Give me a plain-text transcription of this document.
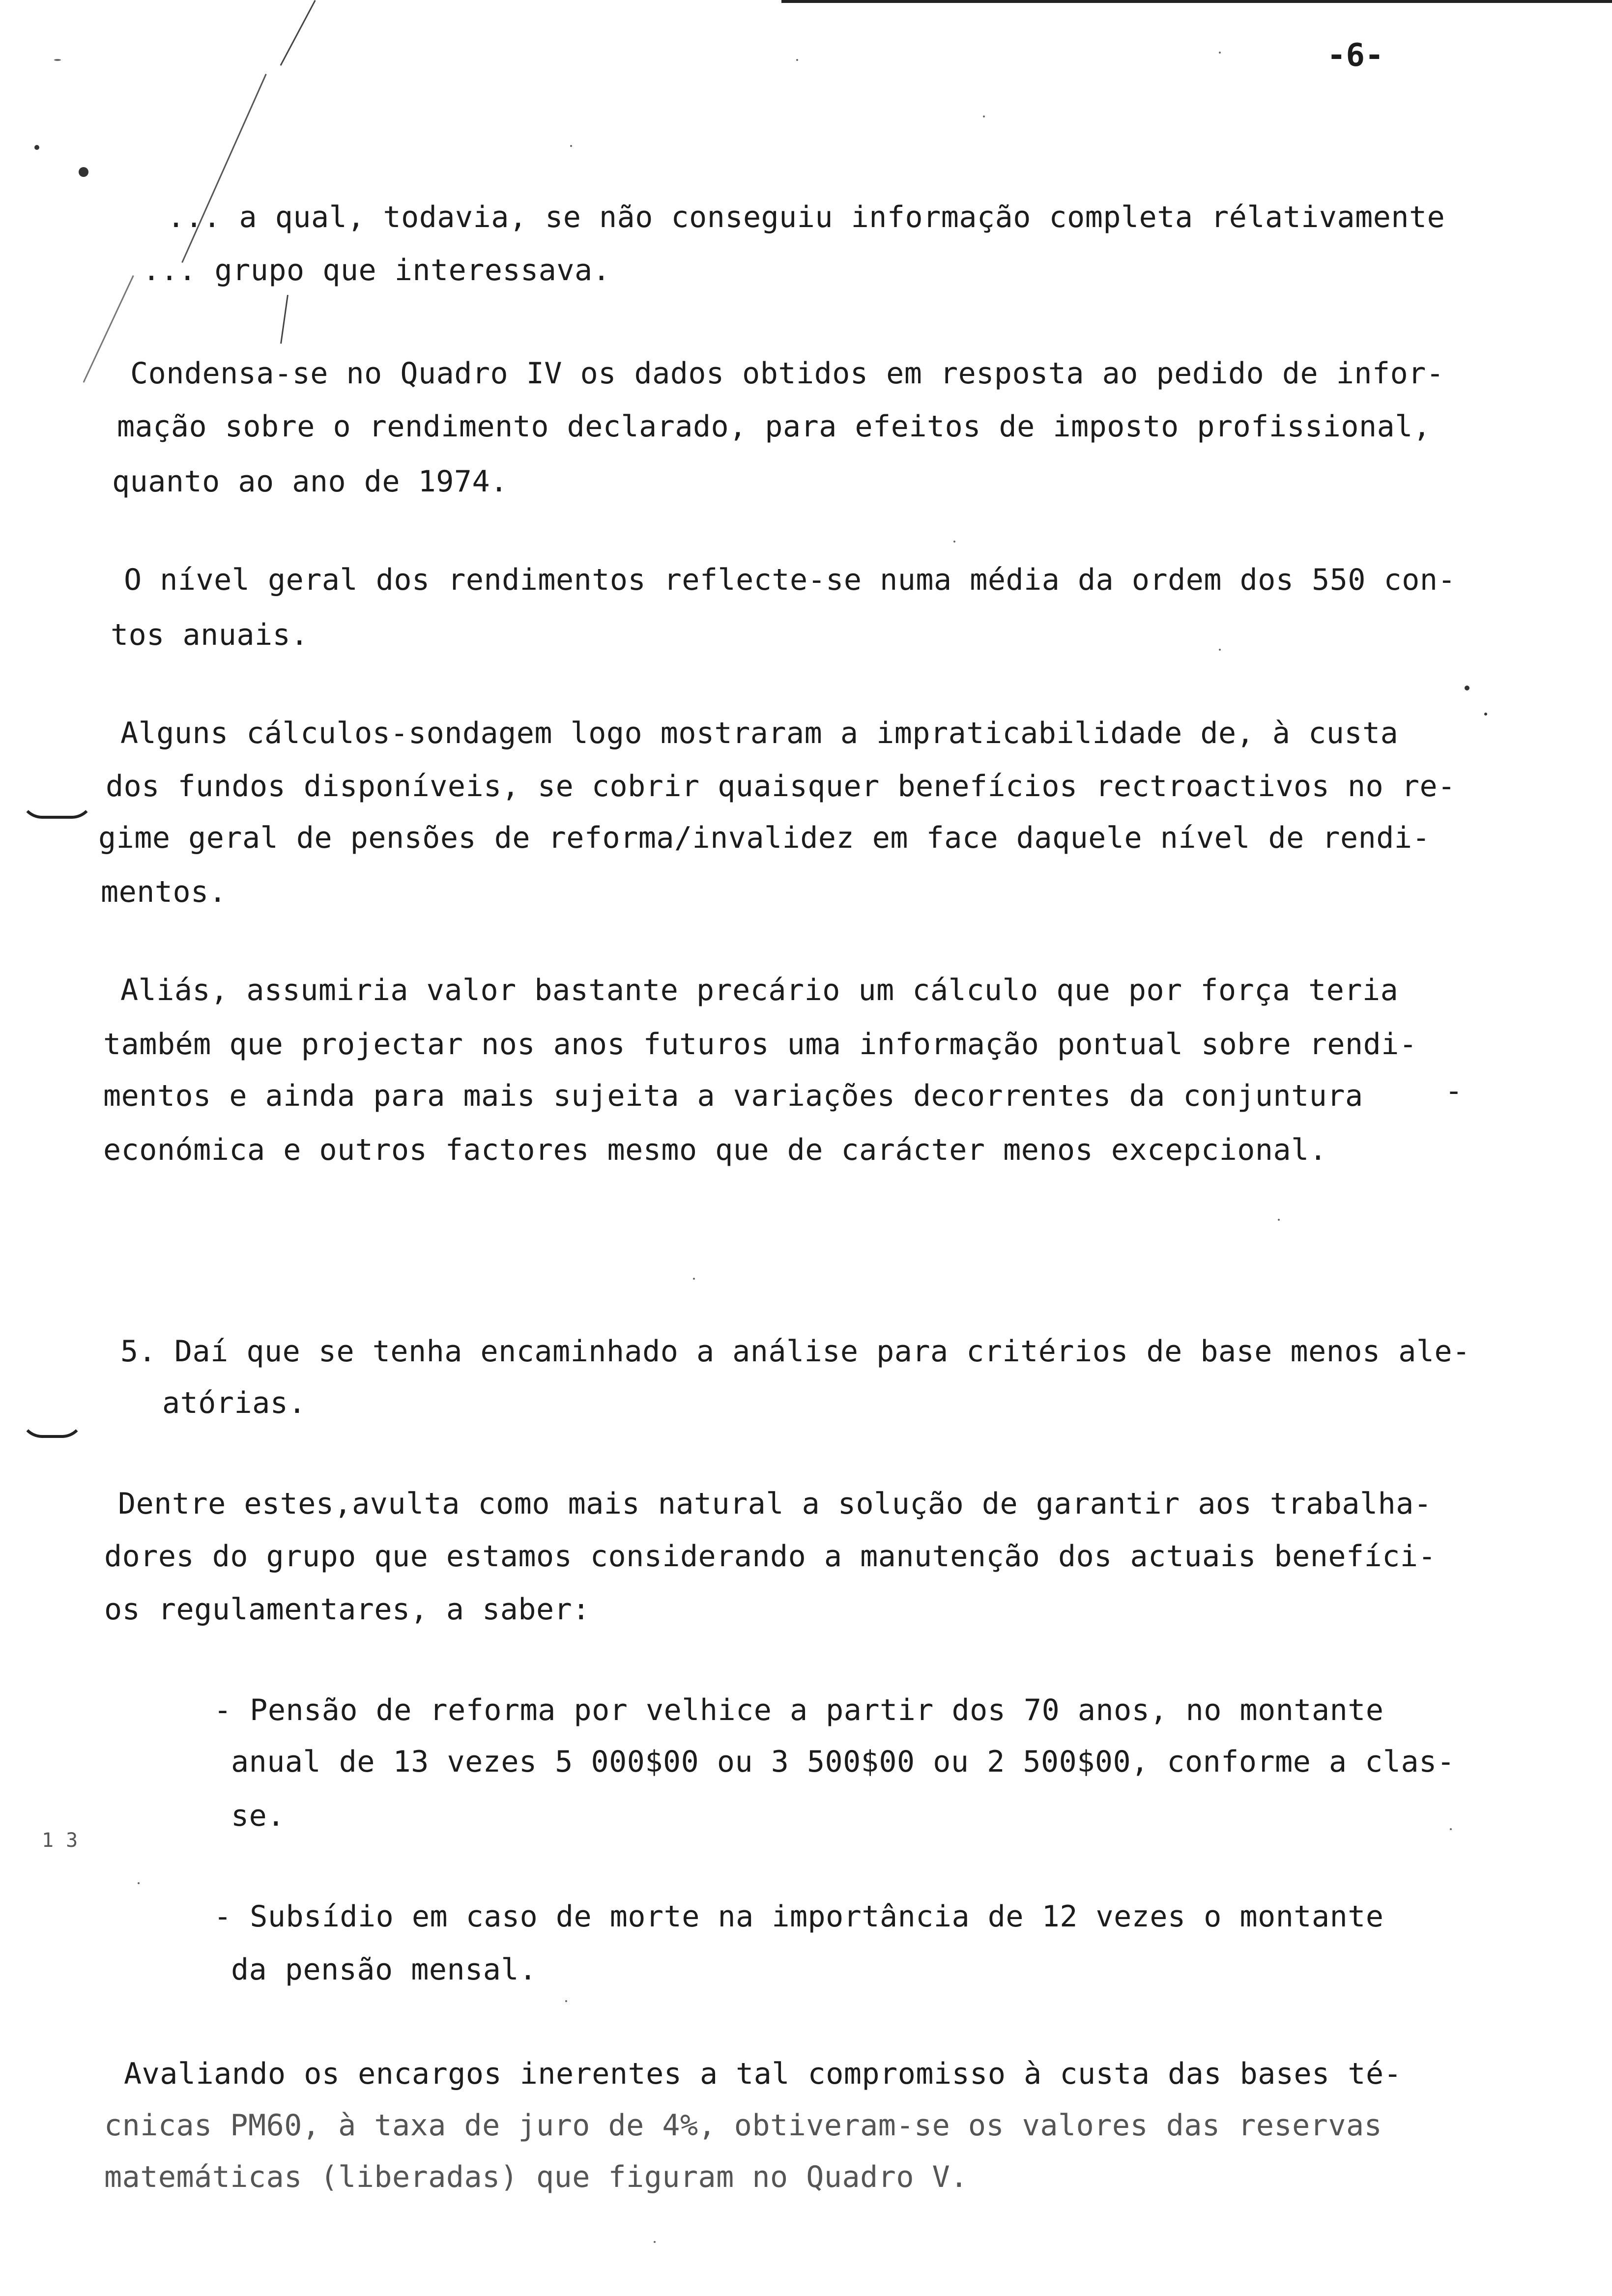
-6-
-
1 3
... a qual, todavia, se não conseguiu informação completa rélativamente
... grupo que interessava.
Condensa-se no Quadro IV os dados obtidos em resposta ao pedido de infor-
mação sobre o rendimento declarado, para efeitos de imposto profissional,
quanto ao ano de 1974.
O nível geral dos rendimentos reflecte-se numa média da ordem dos 550 con-
tos anuais.
Alguns cálculos-sondagem logo mostraram a impraticabilidade de, à custa
dos fundos disponíveis, se cobrir quaisquer benefícios rectroactivos no re-
gime geral de pensões de reforma/invalidez em face daquele nível de rendi-
mentos.
Aliás, assumiria valor bastante precário um cálculo que por força teria
também que projectar nos anos futuros uma informação pontual sobre rendi-
mentos e ainda para mais sujeita a variações decorrentes da conjuntura
económica e outros factores mesmo que de carácter menos excepcional.
5. Daí que se tenha encaminhado a análise para critérios de base menos ale-
atórias.
Dentre estes,avulta como mais natural a solução de garantir aos trabalha-
dores do grupo que estamos considerando a manutenção dos actuais benefíci-
os regulamentares, a saber:
- Pensão de reforma por velhice a partir dos 70 anos, no montante
anual de 13 vezes 5 000$00 ou 3 500$00 ou 2 500$00, conforme a clas-
se.
- Subsídio em caso de morte na importância de 12 vezes o montante
da pensão mensal.
Avaliando os encargos inerentes a tal compromisso à custa das bases té-
cnicas PM60, à taxa de juro de 4%, obtiveram-se os valores das reservas
matemáticas (liberadas) que figuram no Quadro V.
